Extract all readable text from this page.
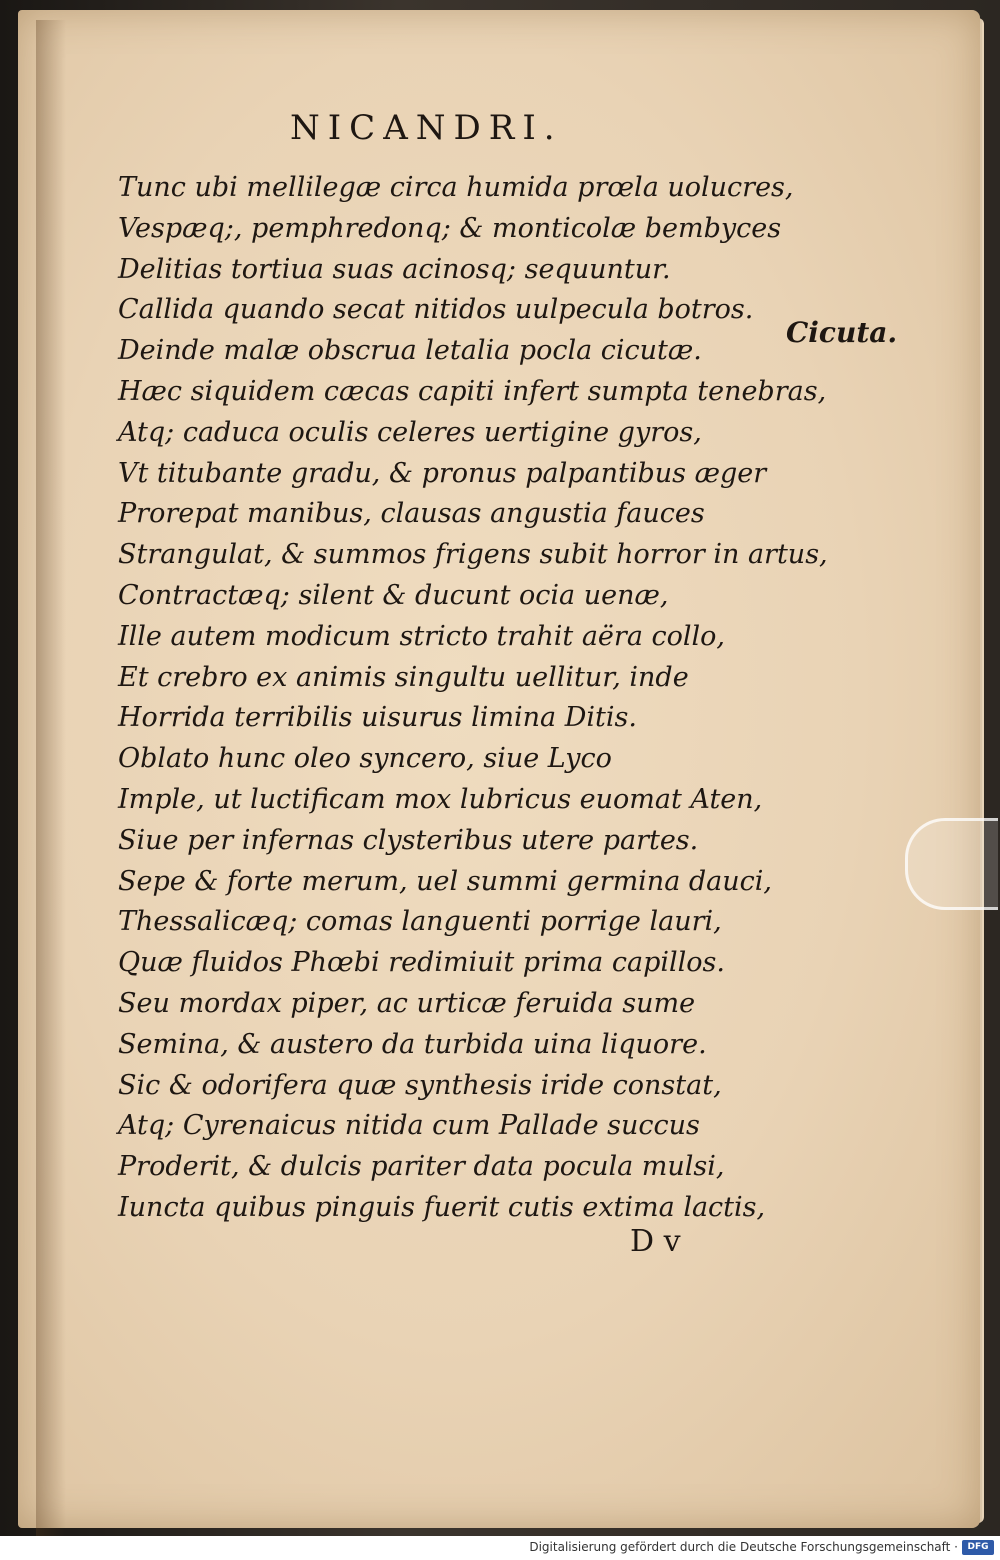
NICANDRI.
Tunc ubi mellilegæ circa humida prœla uolucres,
Vespæq;, pemphredonq; & monticolæ bembyces
Delitias tortiua suas acinosq; sequuntur.
Callida quando secat nitidos uulpecula botros.
Deinde malæ obscrua letalia pocla cicutæ.
Hæc siquidem cæcas capiti infert sumpta tenebras,
Atq; caduca oculis celeres uertigine gyros,
Vt titubante gradu, & pronus palpantibus æger
Prorepat manibus, clausas angustia fauces
Strangulat, & summos frigens subit horror in artus,
Contractæq; silent & ducunt ocia uenæ,
Ille autem modicum stricto trahit aëra collo,
Et crebro ex animis singultu uellitur, inde
Horrida terribilis uisurus limina Ditis.
Oblato hunc oleo syncero, siue Lyco
Imple, ut luctificam mox lubricus euomat Aten,
Siue per infernas clysteribus utere partes.
Sepe & forte merum, uel summi germina dauci,
Thessalicæq; comas languenti porrige lauri,
Quæ fluidos Phœbi redimiuit prima capillos.
Seu mordax piper, ac urticæ feruida sume
Semina, & austero da turbida uina liquore.
Sic & odorifera quæ synthesis iride constat,
Atq; Cyrenaicus nitida cum Pallade succus
Proderit, & dulcis pariter data pocula mulsi,
Iuncta quibus pinguis fuerit cutis extima lactis,
Cicuta.
D v
Digitalisierung gefördert durch die Deutsche Forschungsgemeinschaft ·	DFG
